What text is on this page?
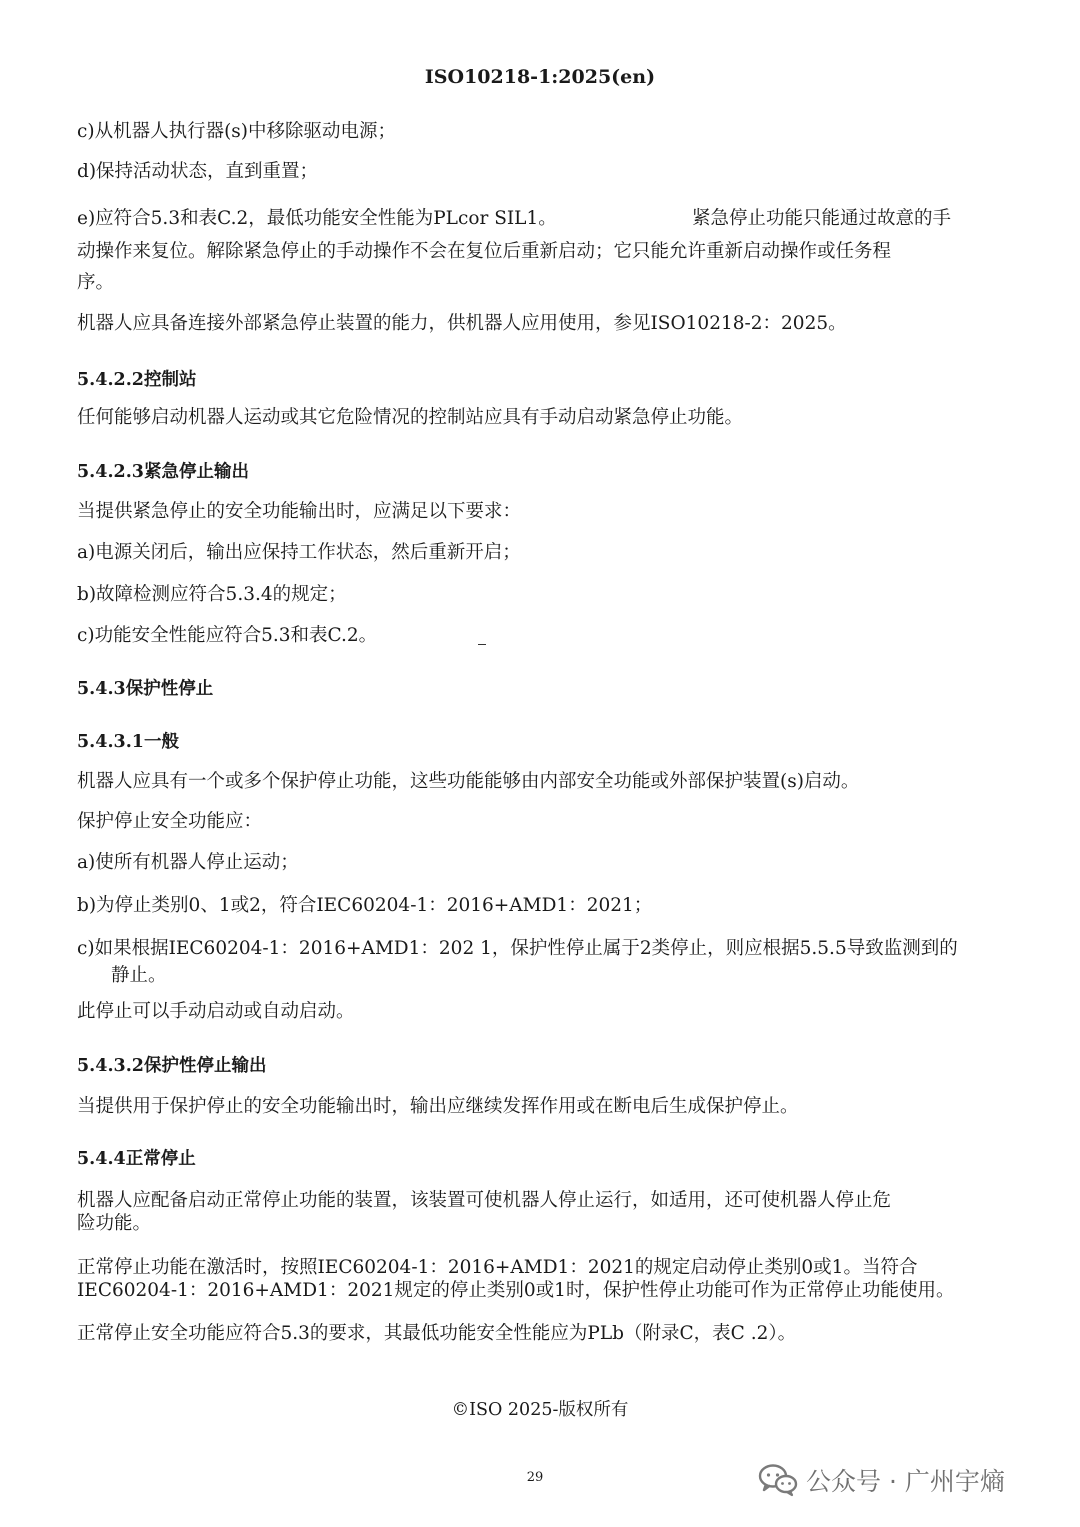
ISO10218-1:2025(en)
c)从机器人执行器(s)中移除驱动电源；
d)保持活动状态，直到重置；
e)应符合5.3和表C.2，最低功能安全性能为PLcor SIL1。	紧急停止功能只能通过故意的手
动操作来复位。解除紧急停止的手动操作不会在复位后重新启动；它只能允许重新启动操作或任务程
序。
机器人应具备连接外部紧急停止装置的能力，供机器人应用使用，参见ISO10218-2：2025。
5.4.2.2控制站
任何能够启动机器人运动或其它危险情况的控制站应具有手动启动紧急停止功能。
5.4.2.3紧急停止输出
当提供紧急停止的安全功能输出时，应满足以下要求：
a)电源关闭后，输出应保持工作状态，然后重新开启；
b)故障检测应符合5.3.4的规定；
c)功能安全性能应符合5.3和表C.2。
5.4.3保护性停止
5.4.3.1一般
机器人应具有一个或多个保护停止功能，这些功能能够由内部安全功能或外部保护装置(s)启动。
保护停止安全功能应：
a)使所有机器人停止运动；
b)为停止类别0、1或2，符合IEC60204-1：2016+AMD1：2021；
c)如果根据IEC60204-1：2016+AMD1：202 1，保护性停止属于2类停止，则应根据5.5.5导致监测到的
静止。
此停止可以手动启动或自动启动。
5.4.3.2保护性停止输出
当提供用于保护停止的安全功能输出时，输出应继续发挥作用或在断电后生成保护停止。
5.4.4正常停止
机器人应配备启动正常停止功能的装置，该装置可使机器人停止运行，如适用，还可使机器人停止危
险功能。
正常停止功能在激活时，按照IEC60204-1：2016+AMD1：2021的规定启动停止类别0或1。当符合
IEC60204-1：2016+AMD1：2021规定的停止类别0或1时，保护性停止功能可作为正常停止功能使用。
正常停止安全功能应符合5.3的要求，其最低功能安全性能应为PLb（附录C，表C .2）。
©ISO 2025-版权所有
29	公众号 · 广州宇熵
